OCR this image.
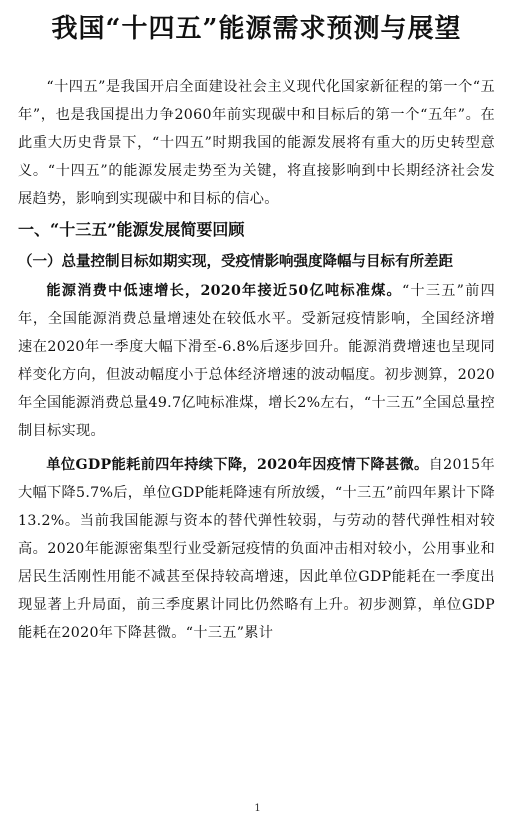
我国“十四五”能源需求预测与展望

“十四五”是我国开启全面建设社会主义现代化国家新征程的第一个“五年”，也是我国提出力争2060年前实现碳中和目标后的第一个“五年”。在此重大历史背景下，“十四五”时期我国的能源发展将有重大的历史转型意义。“十四五”的能源发展走势至为关键，将直接影响到中长期经济社会发展趋势，影响到实现碳中和目标的信心。

一、“十三五”能源发展简要回顾
（一）总量控制目标如期实现，受疫情影响强度降幅与目标有所差距

能源消费中低速增长，2020年接近50亿吨标准煤。“十三五”前四年，全国能源消费总量增速处在较低水平。受新冠疫情影响，全国经济增速在2020年一季度大幅下滑至-6.8%后逐步回升。能源消费增速也呈现同样变化方向，但波动幅度小于总体经济增速的波动幅度。初步测算，2020年全国能源消费总量49.7亿吨标准煤，增长2%左右，“十三五”全国总量控制目标实现。

单位GDP能耗前四年持续下降，2020年因疫情下降甚微。自2015年大幅下降5.7%后，单位GDP能耗降速有所放缓，“十三五”前四年累计下降13.2%。当前我国能源与资本的替代弹性较弱，与劳动的替代弹性相对较高。2020年能源密集型行业受新冠疫情的负面冲击相对较小，公用事业和居民生活刚性用能不减甚至保持较高增速，因此单位GDP能耗在一季度出现显著上升局面，前三季度累计同比仍然略有上升。初步测算，单位GDP能耗在2020年下降甚微。“十三五”累计

1
